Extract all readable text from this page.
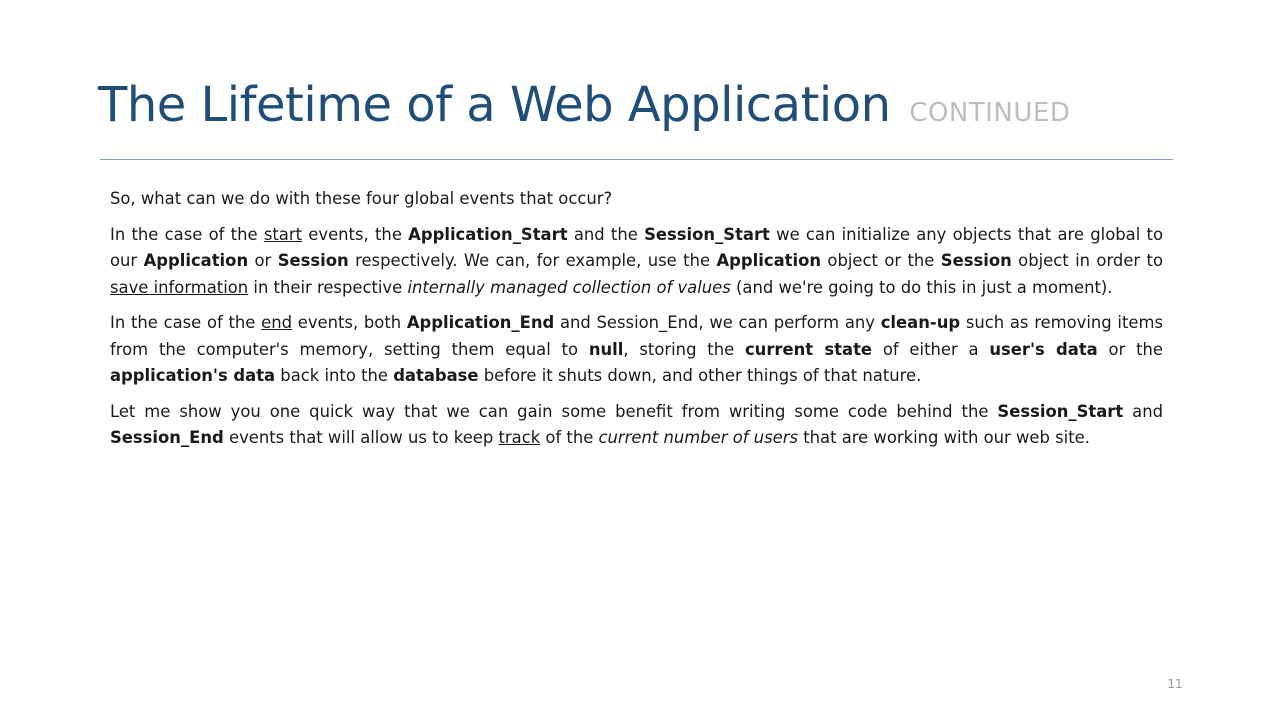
The Lifetime of a Web Application CONTINUED

So, what can we do with these four global events that occur?

In the case of the start events, the Application_Start and the Session_Start we can initialize any objects that are global to our Application or Session respectively. We can, for example, use the Application object or the Session object in order to save information in their respective internally managed collection of values (and we're going to do this in just a moment).

In the case of the end events, both Application_End and Session_End, we can perform any clean-up such as removing items from the computer's memory, setting them equal to null, storing the current state of either a user's data or the application's data back into the database before it shuts down, and other things of that nature.

Let me show you one quick way that we can gain some benefit from writing some code behind the Session_Start and Session_End events that will allow us to keep track of the current number of users that are working with our web site.

11
